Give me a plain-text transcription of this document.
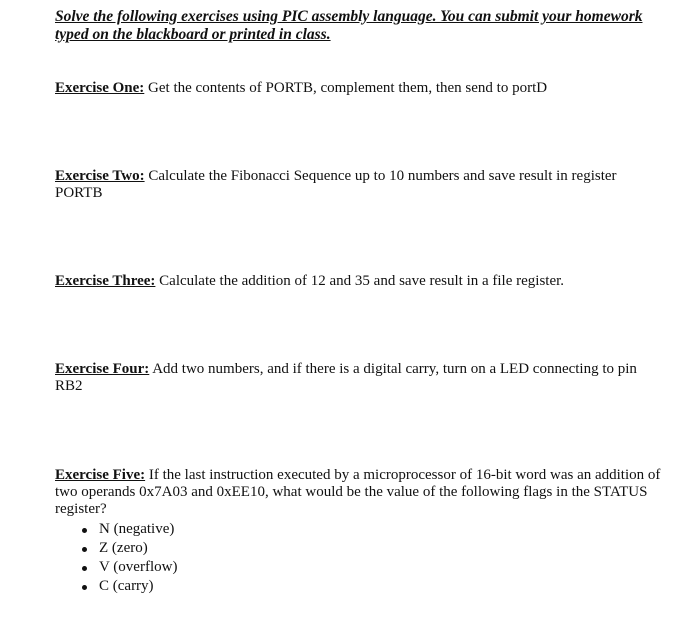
Solve the following exercises using PIC assembly language. You can submit your homework typed on the blackboard or printed in class.
Exercise One: Get the contents of PORTB, complement them, then send to portD
Exercise Two: Calculate the Fibonacci Sequence up to 10 numbers and save result in register PORTB
Exercise Three: Calculate the addition of 12 and 35 and save result in a file register.
Exercise Four: Add two numbers, and if there is a digital carry, turn on a LED connecting to pin RB2
Exercise Five: If the last instruction executed by a microprocessor of 16-bit word was an addition of two operands 0x7A03 and 0xEE10, what would be the value of the following flags in the STATUS register?
N (negative)
Z (zero)
V (overflow)
C (carry)
